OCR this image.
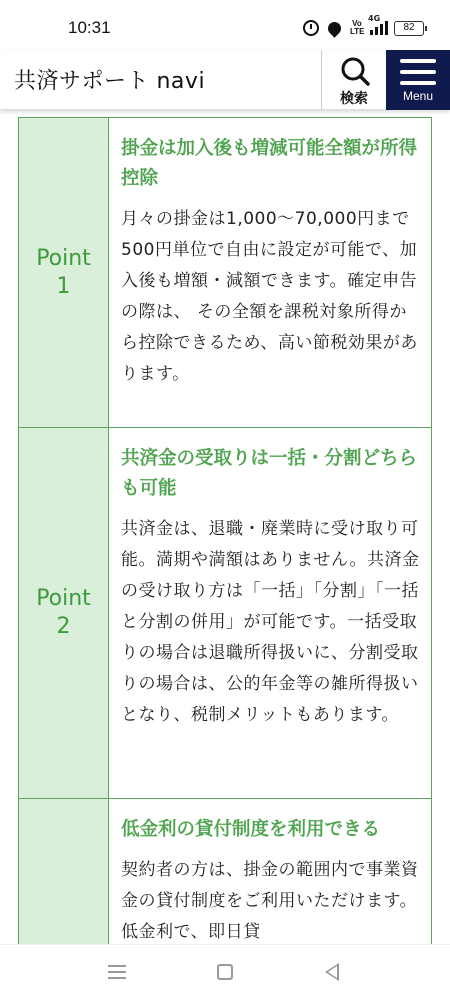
10:31	Vo LTE
4G
82
共済サポート navi
検索	Menu
Point
1
掛金は加入後も増減可能全額が所得控除
月々の掛金は1,000〜70,000円まで500円単位で自由に設定が可能で、加入後も増額・減額できます。確定申告の際は、 その全額を課税対象所得から控除できるため、高い節税効果があります。
Point
2
共済金の受取りは一括・分割どちらも可能
共済金は、退職・廃業時に受け取り可能。満期や満額はありません。共済金の受け取り方は「一括」「分割」「一括と分割の併用」が可能です。一括受取りの場合は退職所得扱いに、分割受取りの場合は、公的年金等の雑所得扱いとなり、税制メリットもあります。
低金利の貸付制度を利用できる
契約者の方は、掛金の範囲内で事業資金の貸付制度をご利用いただけます。低金利で、即日貸
